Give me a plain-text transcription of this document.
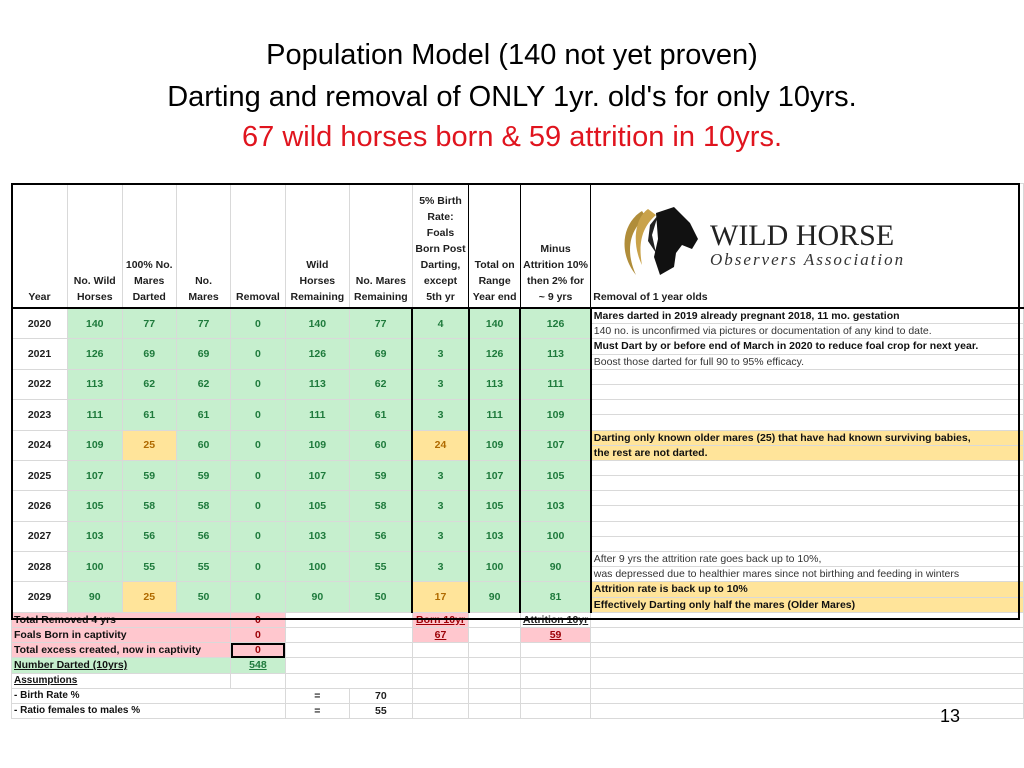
Population Model (140 not yet proven)
Darting and removal of ONLY 1yr. old's for only 10yrs.
67 wild horses born & 59 attrition in 10yrs.
Year	No. Wild Horses	100% No. Mares Darted	No. Mares	Removal	Wild Horses Remaining	No. Mares Remaining	5% Birth Rate: Foals Born Post Darting, except 5th yr	Total on Range Year end	Minus Attrition 10% then 2% for ~ 9 yrs	Removal of 1 year olds
2020	140	77	77	0	140	77	4	140	126	Mares darted in 2019 already pregnant 2018, 11 mo. gestation
										140 no. is unconfirmed via pictures or documentation of any kind to date.
2021	126	69	69	0	126	69	3	126	113	Must Dart by or before end of March in 2020 to reduce foal crop for next year.
										Boost those darted for full 90 to 95% efficacy.
2022	113	62	62	0	113	62	3	113	111	

2023	111	61	61	0	111	61	3	111	109	

2024	109	25	60	0	109	60	24	109	107	Darting only known older mares (25) that have had known surviving babies,
										the rest are not darted.
2025	107	59	59	0	107	59	3	107	105	

2026	105	58	58	0	105	58	3	105	103	

2027	103	56	56	0	103	56	3	103	100	

2028	100	55	55	0	100	55	3	100	90	After 9 yrs the attrition rate goes back up to 10%,
										was depressed due to healthier mares since not birthing and feeding in winters
2029	90	25	50	0	90	50	17	90	81	Attrition rate is back up to 10%
										Effectively Darting only half the mares (Older Mares)
Total Removed 4 yrs				0			Born 10yr		Attrition 10yr	
Foals Born in captivity				0			67		59	
Total excess created, now in captivity				0						
Number Darted (10yrs)				548						
Assumptions										
- Birth Rate %					=	70				
- Ratio females to males %					=	55				
WILD HORSE
Observers Association
13
